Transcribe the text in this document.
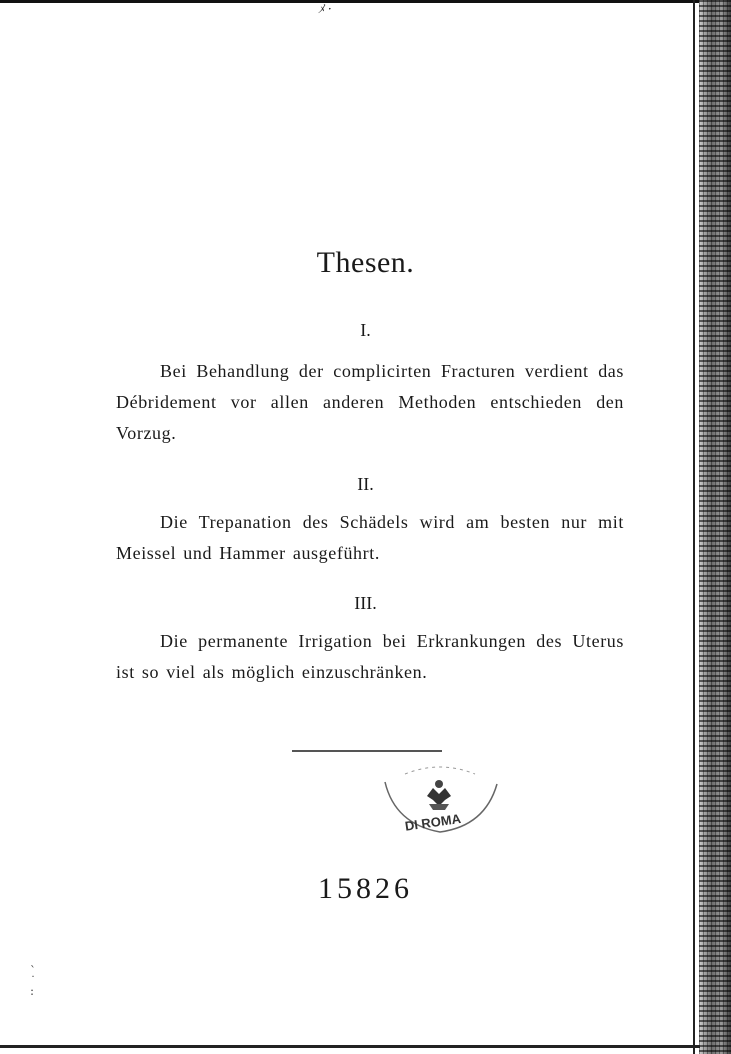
ﾒ ·
`
˙
:
Thesen.
I.
Bei Behandlung der complicirten Fracturen verdient das Débridement vor allen anderen Methoden entschieden den Vorzug.
II.
Die Trepanation des Schädels wird am besten nur mit Meissel und Hammer ausgeführt.
III.
Die permanente Irrigation bei Erkrankungen des Uterus ist so viel als möglich einzuschränken.
DI ROMA
15826
